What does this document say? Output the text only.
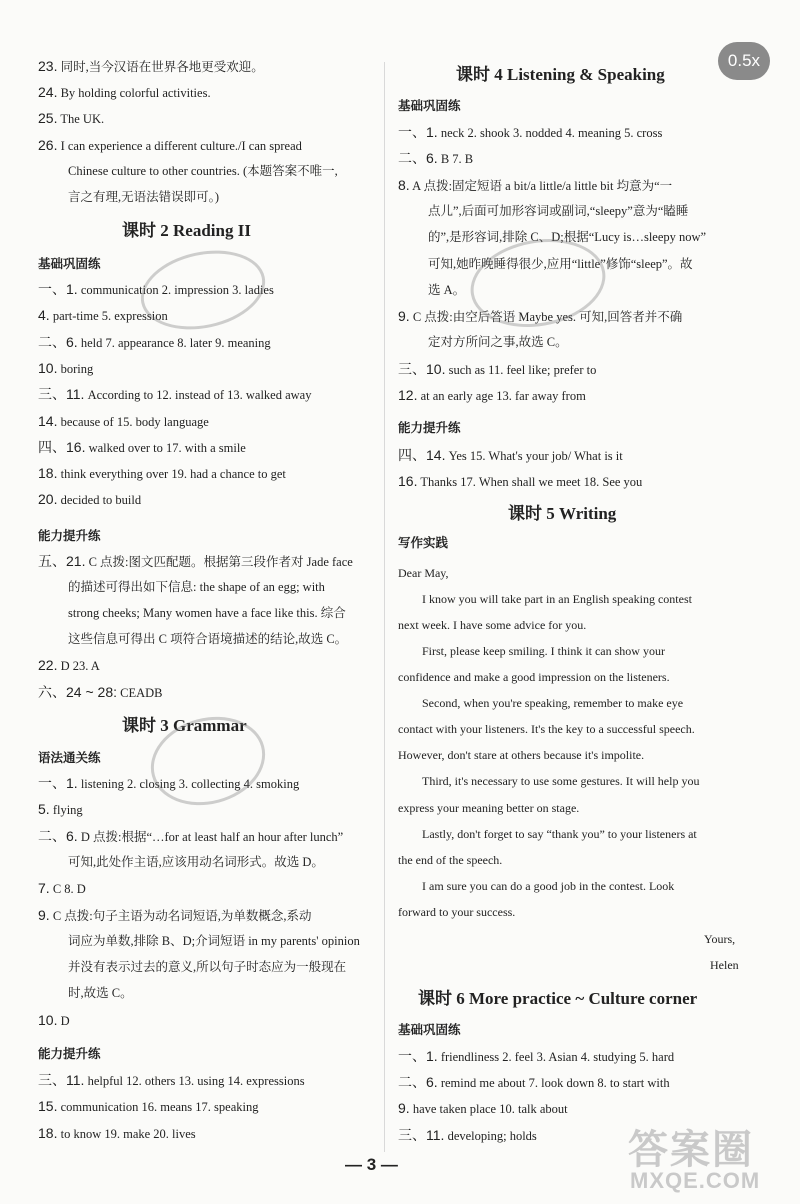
23. 同时,当今汉语在世界各地更受欢迎。
24. By holding colorful activities.
25. The UK.
26. I can experience a different culture./I can spread
Chinese culture to other countries. (本题答案不唯一,
言之有理,无语法错误即可。)
一、1. communication 2. impression 3. ladies
4. part-time 5. expression
二、6. held 7. appearance 8. later 9. meaning
10. boring
三、11. According to 12. instead of 13. walked away
14. because of 15. body language
四、16. walked over to 17. with a smile
18. think everything over 19. had a chance to get
20. decided to build
五、21. C 点拨:图文匹配题。根据第三段作者对 Jade face
的描述可得出如下信息: the shape of an egg; with
strong cheeks; Many women have a face like this. 综合
这些信息可得出 C 项符合语境描述的结论,故选 C。
22. D 23. A
六、24 ~ 28: CEADB
一、1. listening 2. closing 3. collecting 4. smoking
5. flying
二、6. D 点拨:根据“…for at least half an hour after lunch”
可知,此处作主语,应该用动名词形式。故选 D。
7. C 8. D
9. C 点拨:句子主语为动名词短语,为单数概念,系动
词应为单数,排除 B、D;介词短语 in my parents' opinion
并没有表示过去的意义,所以句子时态应为一般现在
时,故选 C。
10. D
三、11. helpful 12. others 13. using 14. expressions
15. communication 16. means 17. speaking
18. to know 19. make 20. lives
课时 2 Reading II
课时 3 Grammar
基础巩固练
能力提升练
语法通关练
能力提升练
一、1. neck 2. shook 3. nodded 4. meaning 5. cross
二、6. B 7. B
8. A 点拨:固定短语 a bit/a little/a little bit 均意为“一
点儿”,后面可加形容词或副词,“sleepy”意为“瞌睡
的”,是形容词,排除 C、D;根据“Lucy is…sleepy now”
可知,她昨晚睡得很少,应用“little”修饰“sleep”。故
选 A。
9. C 点拨:由空后答语 Maybe yes. 可知,回答者并不确
定对方所问之事,故选 C。
三、10. such as 11. feel like; prefer to
12. at an early age 13. far away from
四、14. Yes 15. What's your job/ What is it
16. Thanks 17. When shall we meet 18. See you
一、1. friendliness 2. feel 3. Asian 4. studying 5. hard
二、6. remind me about 7. look down 8. to start with
9. have taken place 10. talk about
三、11. developing; holds
课时 4 Listening & Speaking
课时 5 Writing
课时 6 More practice ~ Culture corner
基础巩固练
能力提升练
写作实践
基础巩固练
Dear May,
I know you will take part in an English speaking contest
next week. I have some advice for you.
First, please keep smiling. I think it can show your
confidence and make a good impression on the listeners.
Second, when you're speaking, remember to make eye
contact with your listeners. It's the key to a successful speech.
However, don't stare at others because it's impolite.
Third, it's necessary to use some gestures. It will help you
express your meaning better on stage.
Lastly, don't forget to say “thank you” to your listeners at
the end of the speech.
I am sure you can do a good job in the contest. Look
forward to your success.
Yours,
Helen
0.5x
— 3 —	答案圈
MXQE.COM
